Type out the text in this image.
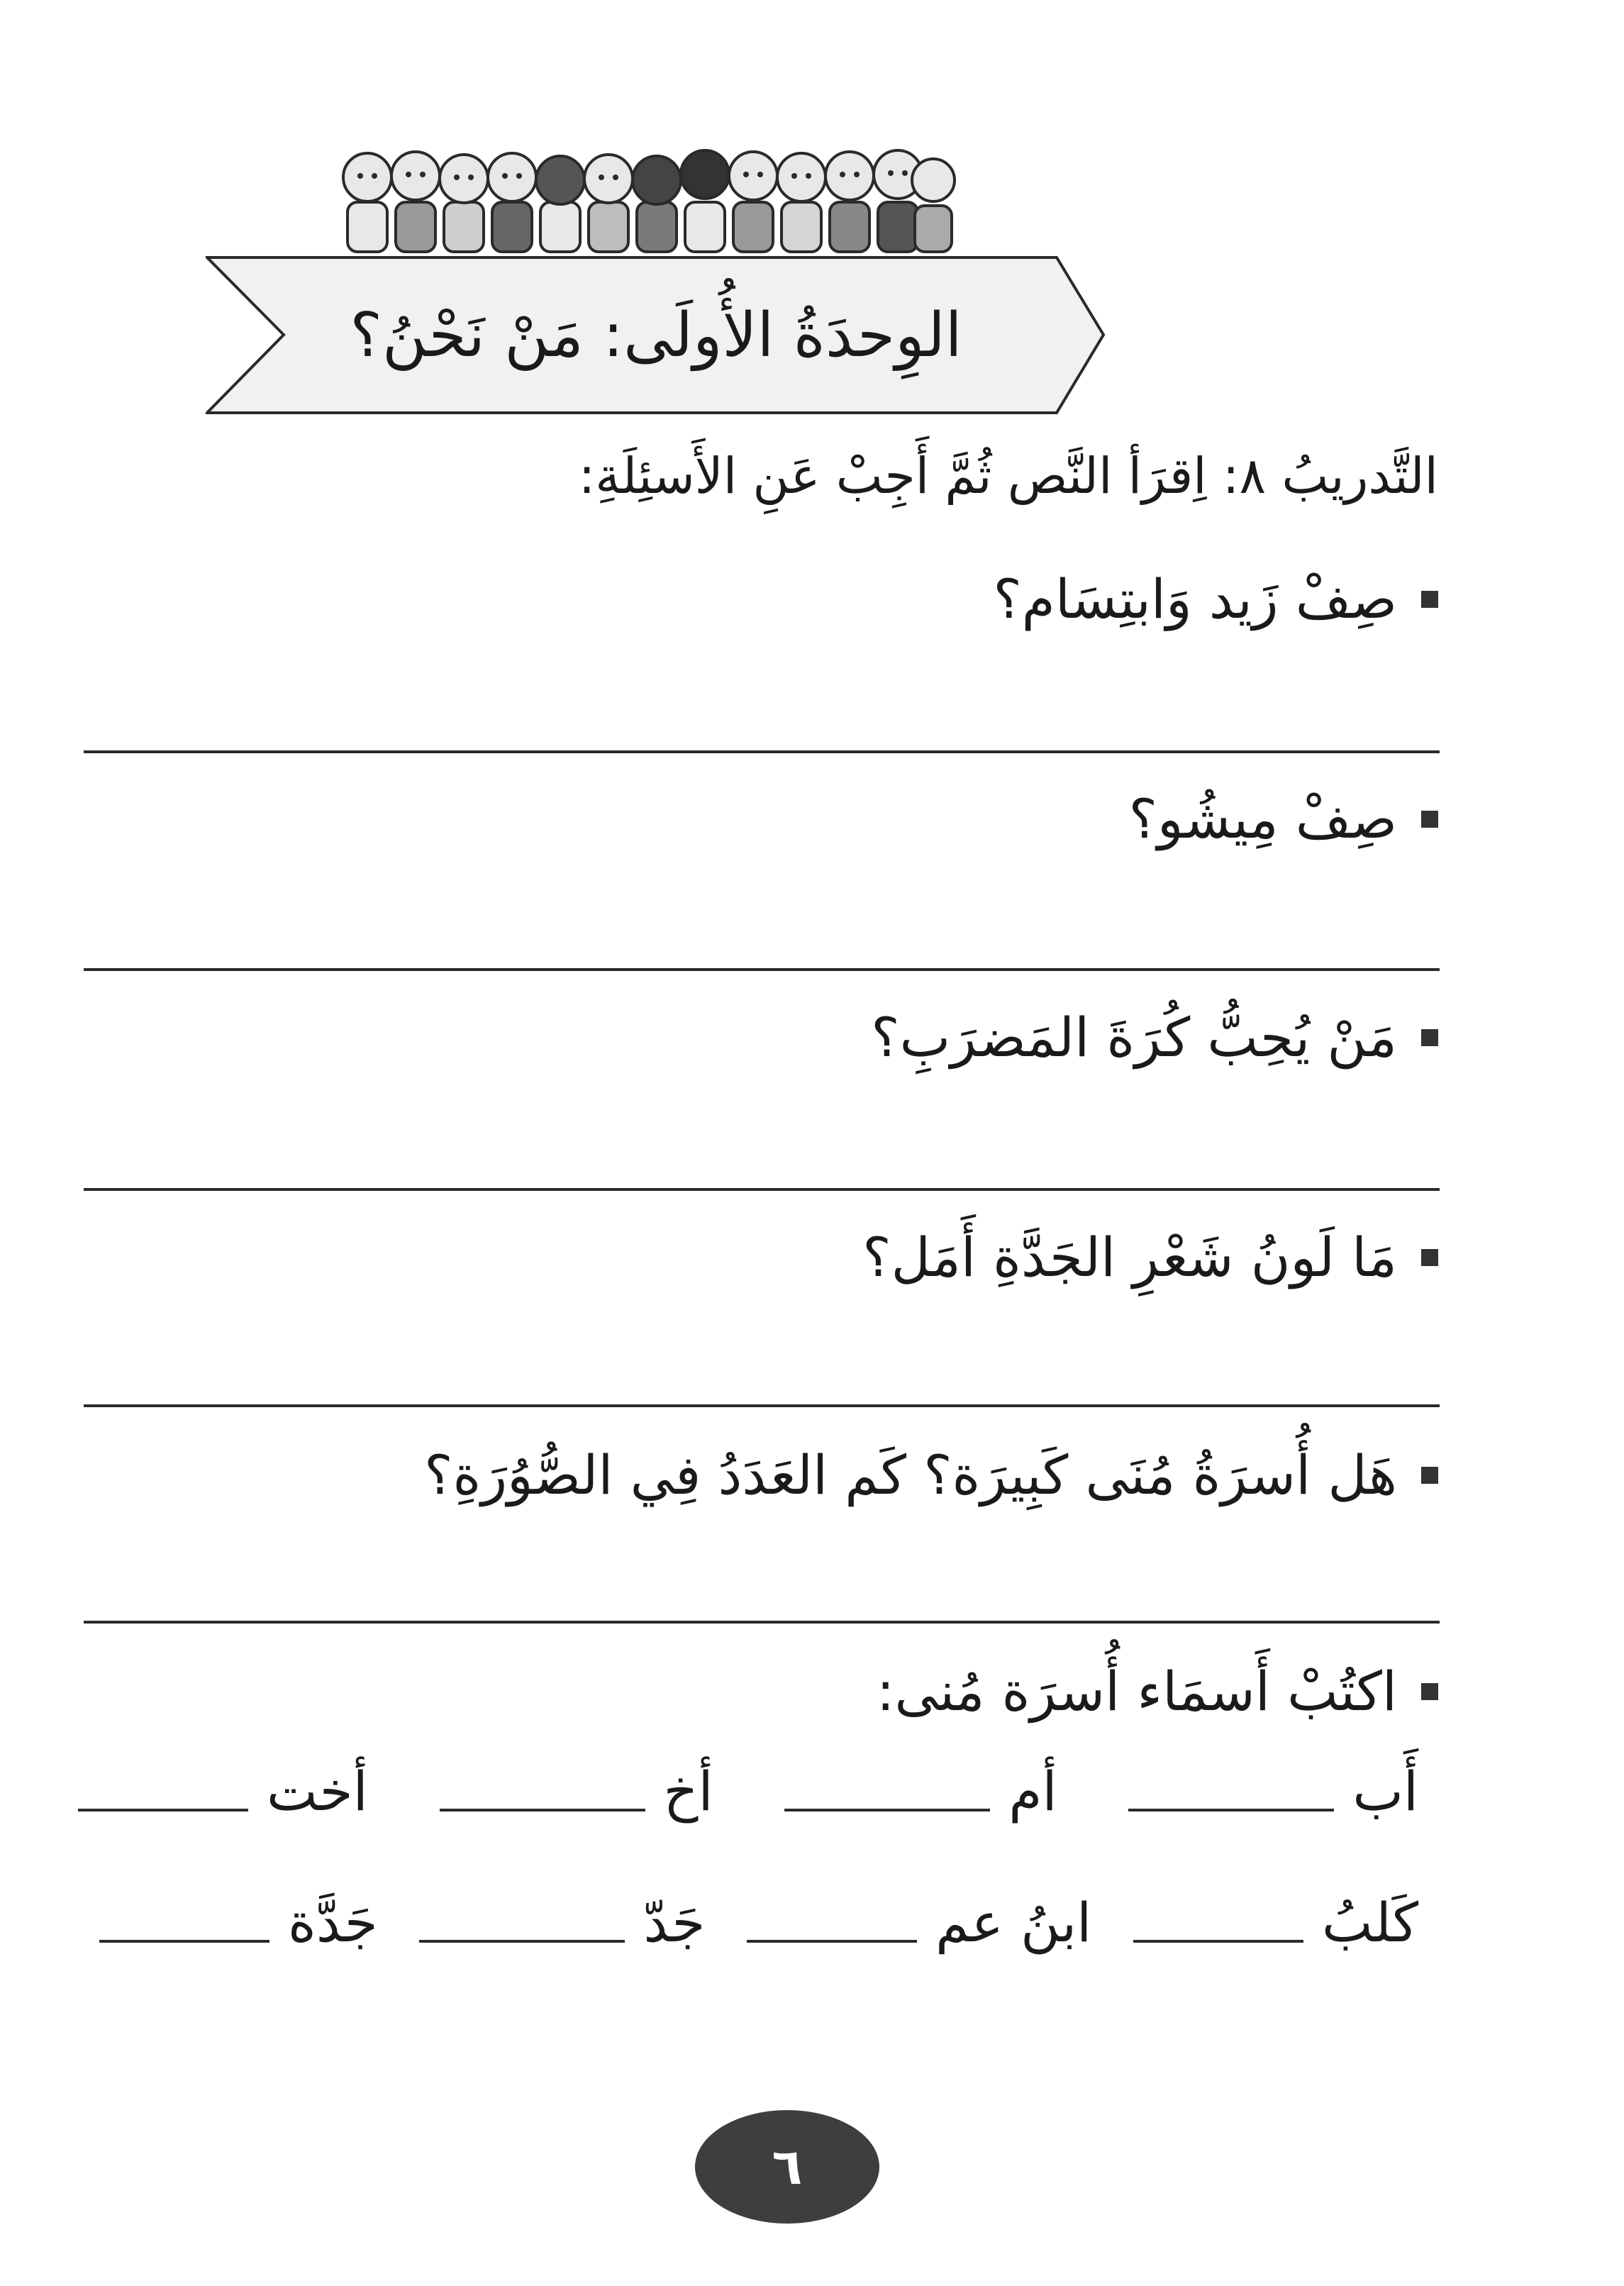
الوِحدَةُ الأُولَى: مَنْ نَحْنُ؟
التَّدريبُ ٨: اِقرَأ النَّص ثُمَّ أَجِبْ عَنِ الأَسئِلَةِ:
صِفْ زَيد وَابتِسَام؟
صِفْ مِيشُو؟
مَنْ يُحِبُّ كُرَةَ المَضرَبِ؟
مَا لَونُ شَعْرِ الجَدَّةِ أَمَل؟
هَل أُسرَةُ مُنَى كَبِيرَة؟ كَم العَدَدُ فِي الصُّوُرَةِ؟
اكتُبْ أَسمَاء أُسرَة مُنى:
أَب
أم
أخ
أخت
كَلبُ
ابنُ عم
جَدّ
جَدَّة
٦
